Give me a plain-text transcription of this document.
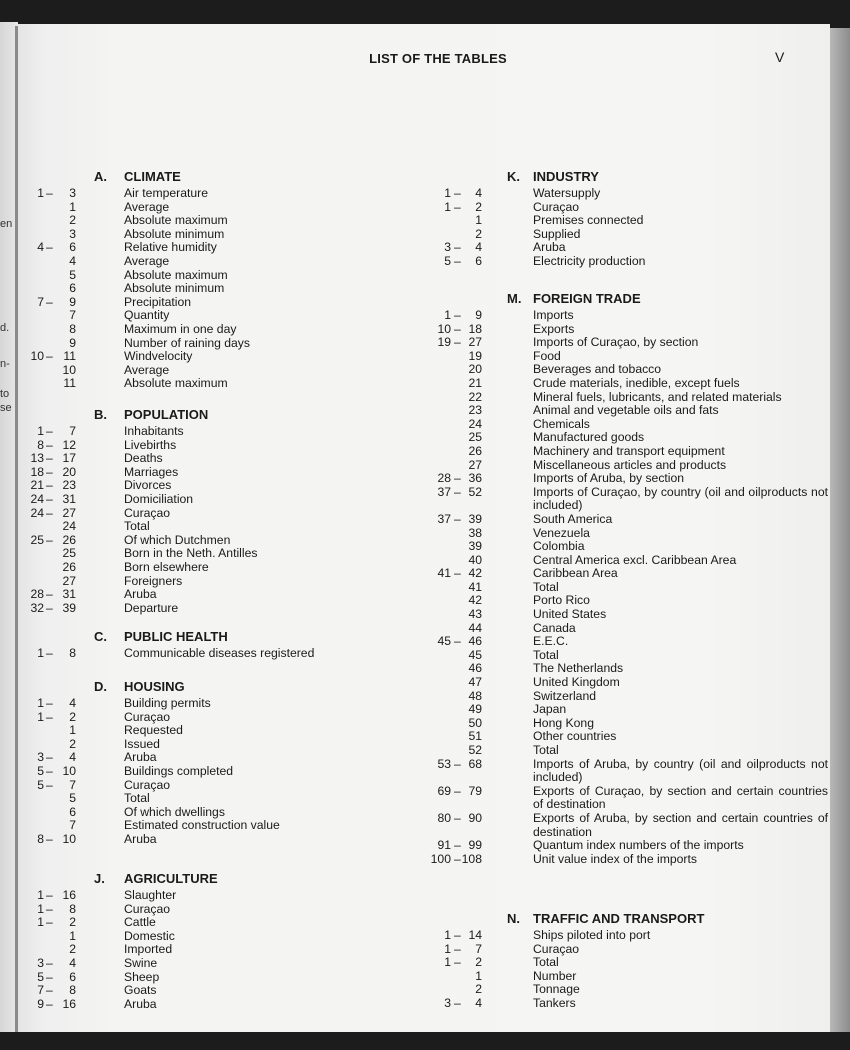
en
d.
n-
to
se
LIST OF THE TABLES	V
A. CLIMATE
1 –	3	Air temperature
1	Average
2	Absolute maximum
3	Absolute minimum
4 –	6	Relative humidity
4	Average
5	Absolute maximum
6	Absolute minimum
7 –	9	Precipitation
7	Quantity
8	Maximum in one day
9	Number of raining days
10 – 11	Windvelocity
10	Average
11	Absolute maximum
B. POPULATION
1 –	7	Inhabitants
8 – 12	Livebirths
13 – 17	Deaths
18 – 20	Marriages
21 – 23	Divorces
24 – 31	Domiciliation
24 – 27	Curaçao
24	Total
25 – 26	Of which Dutchmen
25	Born in the Neth. Antilles
26	Born elsewhere
27	Foreigners
28 – 31	Aruba
32 – 39	Departure
C. PUBLIC HEALTH
1 –	8	Communicable diseases registered
D. HOUSING
1 –	4	Building permits
1 –	2	Curaçao
1	Requested
2	Issued
3 –	4	Aruba
5 – 10	Buildings completed
5 –	7	Curaçao
5	Total
6	Of which dwellings
7	Estimated construction value
8 – 10	Aruba
J. AGRICULTURE
1 – 16	Slaughter
1 –	8	Curaçao
1 –	2	Cattle
1	Domestic
2	Imported
3 –	4	Swine
5 –	6	Sheep
7 –	8	Goats
9 – 16	Aruba
K. INDUSTRY
1 –	4	Watersupply
1 –	2	Curaçao
1	Premises connected
2	Supplied
3 –	4	Aruba
5 –	6	Electricity production
M. FOREIGN TRADE
1 –	9	Imports
10 – 18	Exports
19 – 27	Imports of Curaçao, by section
19	Food
20	Beverages and tobacco
21	Crude materials, inedible, except fuels
22	Mineral fuels, lubricants, and related materials
23	Animal and vegetable oils and fats
24	Chemicals
25	Manufactured goods
26	Machinery and transport equipment
27	Miscellaneous articles and products
28 – 36	Imports of Aruba, by section
37 – 52	Imports of Curaçao, by country (oil and oilproducts not included)
37 – 39	South America
38	Venezuela
39	Colombia
40	Central America excl. Caribbean Area
41 – 42	Caribbean Area
41	Total
42	Porto Rico
43	United States
44	Canada
45 – 46	E.E.C.
45	Total
46	The Netherlands
47	United Kingdom
48	Switzerland
49	Japan
50	Hong Kong
51	Other countries
52	Total
53 – 68	Imports of Aruba, by country (oil and oilproducts not included)
69 – 79	Exports of Curaçao, by section and certain countries of destination
80 – 90	Exports of Aruba, by section and certain countries of destination
91 – 99	Quantum index numbers of the imports
100 – 108	Unit value index of the imports
N. TRAFFIC AND TRANSPORT
1 – 14	Ships piloted into port
1 –	7	Curaçao
1 –	2	Total
1	Number
2	Tonnage
3 –	4	Tankers
